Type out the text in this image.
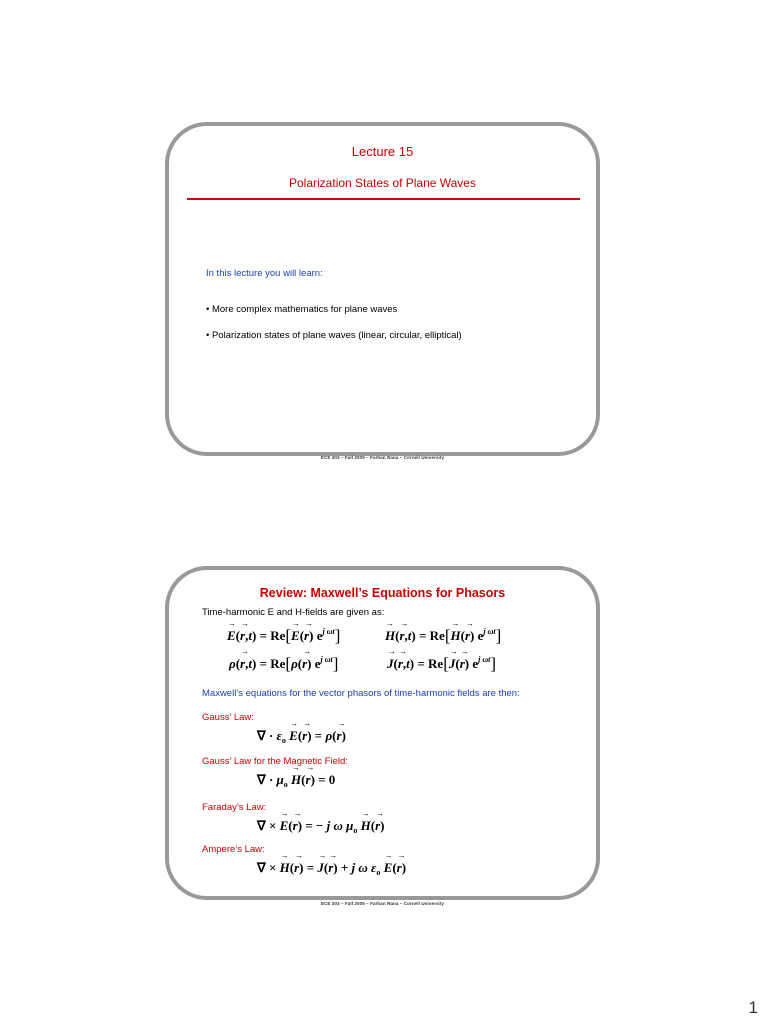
Lecture 15
Polarization States of Plane Waves
In this lecture you will learn:
• More complex mathematics for plane waves
• Polarization states of plane waves (linear, circular, elliptical)
ECE 303 – Fall 2005 – Farhan Rana – Cornell University
Review: Maxwell’s Equations for Phasors
Time-harmonic E and H-fields are given as:
→ E(→ r,t) = Re[→ E(→ r) $e^{j \omega t}$]	→ H(→ r,t) = Re[→ H(→ r) $e^{j \omega t}$]
ρ(→ r,t) = Re[ρ(→ r) $e^{j \omega t}$]	→ J(→ r,t) = Re[→ J(→ r) $e^{j \omega t}$]
Maxwell’s equations for the vector phasors of time-harmonic fields are then:
Gauss’ Law:
∇ · $\varepsilon_o \to E(\to r) = \rho(\to r)$
Gauss’ Law for the Magnetic Field:
∇ · $\mu_o \to H(\to r) = 0$
Faraday’s Law:
∇ × → E(→ r) = − j ω $\mu_o \to H(\to r)$
Ampere’s Law:
∇ × → H(→ r) = → J(→ r) + j ω $\varepsilon_o \to E(\to r)$
ECE 303 – Fall 2005 – Farhan Rana – Cornell University
1
